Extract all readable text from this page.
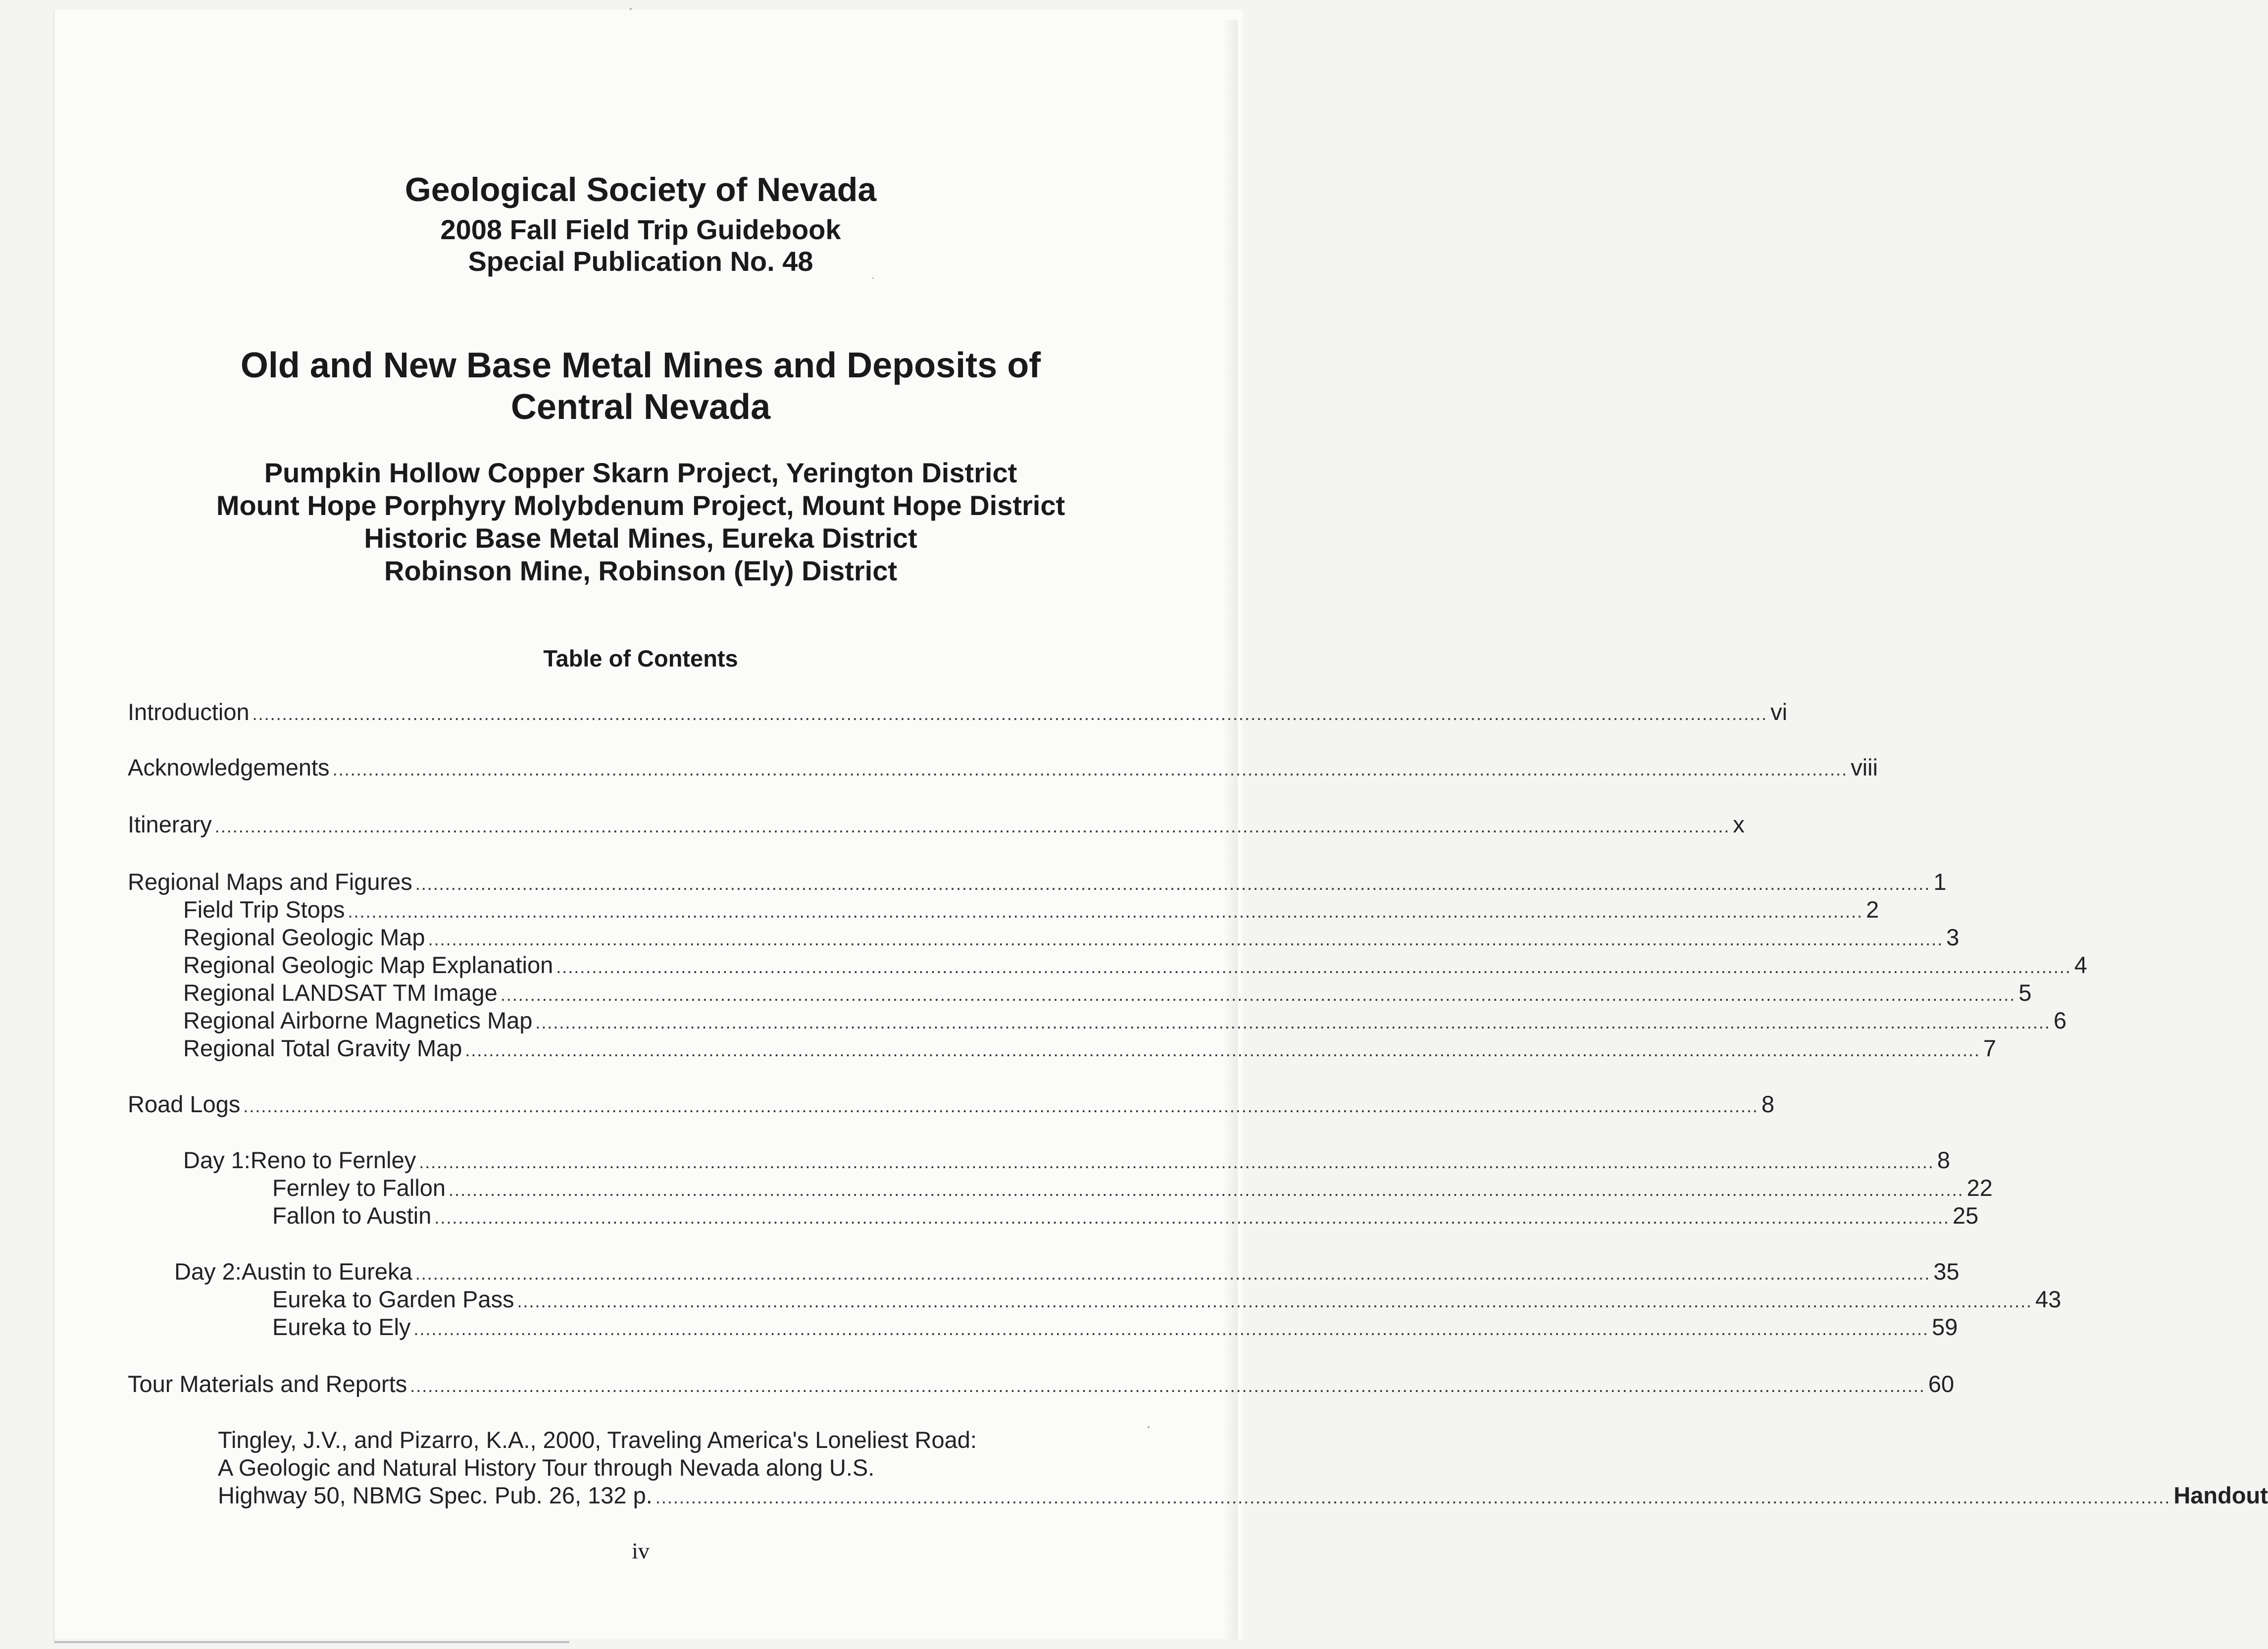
Geological Society of Nevada
2008 Fall Field Trip Guidebook
Special Publication No. 48
Old and New Base Metal Mines and Deposits of
Central Nevada
Pumpkin Hollow Copper Skarn Project, Yerington District
Mount Hope Porphyry Molybdenum Project, Mount Hope District
Historic Base Metal Mines, Eureka District
Robinson Mine, Robinson (Ely) District
Table of Contents
Introduction ............................................................................................................................................................................................................................................................... vi
Acknowledgements ............................................................................................................................................................................................................................................................... viii
Itinerary ............................................................................................................................................................................................................................................................... x
Regional Maps and Figures ............................................................................................................................................................................................................................................................... 1
Field Trip Stops ............................................................................................................................................................................................................................................................... 2
Regional Geologic Map ............................................................................................................................................................................................................................................................... 3
Regional Geologic Map Explanation ............................................................................................................................................................................................................................................................... 4
Regional LANDSAT TM Image ............................................................................................................................................................................................................................................................... 5
Regional Airborne Magnetics Map ............................................................................................................................................................................................................................................................... 6
Regional Total Gravity Map ............................................................................................................................................................................................................................................................... 7
Road Logs ............................................................................................................................................................................................................................................................... 8
Day 1: Reno to Fernley ............................................................................................................................................................................................................................................................... 8
Fernley to Fallon ............................................................................................................................................................................................................................................................... 22
Fallon to Austin ............................................................................................................................................................................................................................................................... 25
Day 2: Austin to Eureka ............................................................................................................................................................................................................................................................... 35
Eureka to Garden Pass ............................................................................................................................................................................................................................................................... 43
Eureka to Ely ............................................................................................................................................................................................................................................................... 59
Tour Materials and Reports ............................................................................................................................................................................................................................................................... 60
Tingley, J.V., and Pizarro, K.A., 2000, Traveling America's Loneliest Road:
A Geologic and Natural History Tour through Nevada along U.S.
Highway 50, NBMG Spec. Pub. 26, 132 p. ............................................................................................................................................................................................................................................................... Handout
iv
